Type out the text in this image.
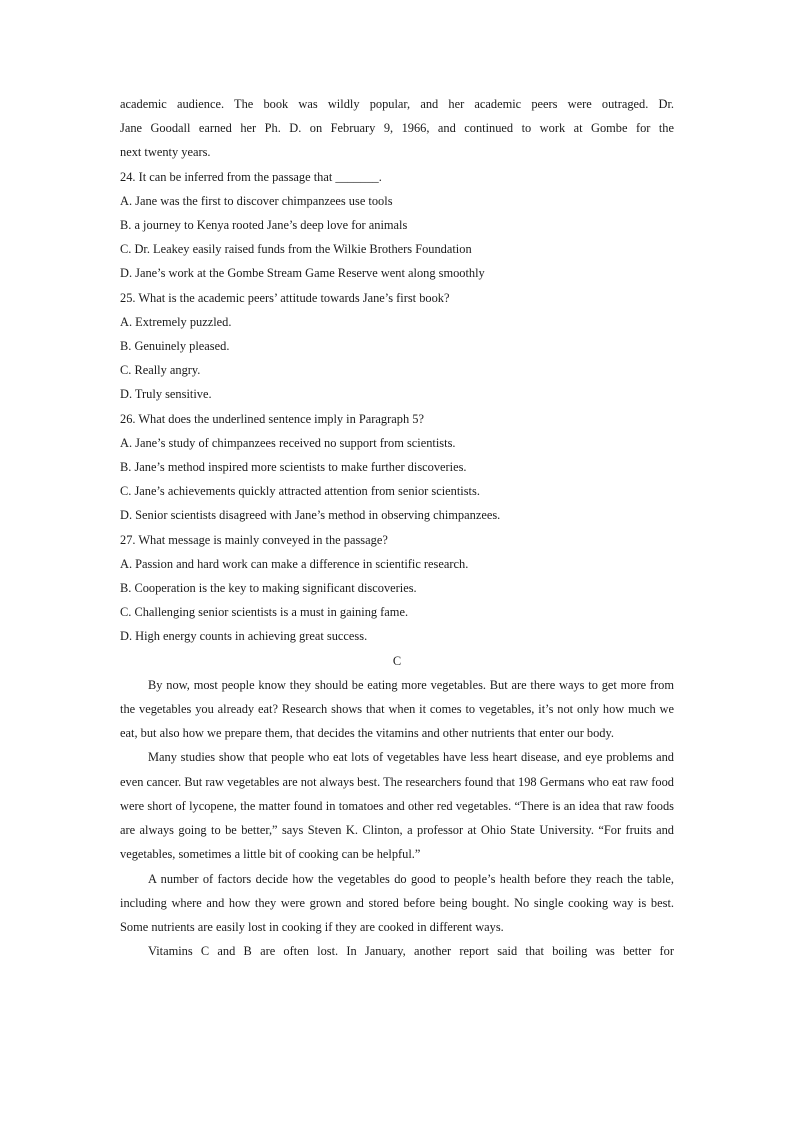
academic audience. The book was wildly popular, and her academic peers were outraged. Dr.
Jane Goodall earned her Ph. D. on February 9, 1966, and continued to work at Gombe for the
next twenty years.
24. It can be inferred from the passage that _______.
A. Jane was the first to discover chimpanzees use tools
B. a journey to Kenya rooted Jane’s deep love for animals
C. Dr. Leakey easily raised funds from the Wilkie Brothers Foundation
D. Jane’s work at the Gombe Stream Game Reserve went along smoothly
25. What is the academic peers’ attitude towards Jane’s first book?
A. Extremely puzzled.
B. Genuinely pleased.
C. Really angry.
D. Truly sensitive.
26. What does the underlined sentence imply in Paragraph 5?
A. Jane’s study of chimpanzees received no support from scientists.
B. Jane’s method inspired more scientists to make further discoveries.
C. Jane’s achievements quickly attracted attention from senior scientists.
D. Senior scientists disagreed with Jane’s method in observing chimpanzees.
27. What message is mainly conveyed in the passage?
A. Passion and hard work can make a difference in scientific research.
B. Cooperation is the key to making significant discoveries.
C. Challenging senior scientists is a must in gaining fame.
D. High energy counts in achieving great success.
C

By now, most people know they should be eating more vegetables. But are there ways to get more from the vegetables you already eat? Research shows that when it comes to vegetables, it’s not only how much we eat, but also how we prepare them, that decides the vitamins and other nutrients that enter our body.

Many studies show that people who eat lots of vegetables have less heart disease, and eye problems and even cancer. But raw vegetables are not always best. The researchers found that 198 Germans who eat raw food were short of lycopene, the matter found in tomatoes and other red vegetables. “There is an idea that raw foods are always going to be better,” says Steven K. Clinton, a professor at Ohio State University. “For fruits and vegetables, sometimes a little bit of cooking can be helpful.”

A number of factors decide how the vegetables do good to people’s health before they reach the table, including where and how they were grown and stored before being bought. No single cooking way is best. Some nutrients are easily lost in cooking if they are cooked in different ways.

Vitamins C and B are often lost. In January, another report said that boiling was better for
